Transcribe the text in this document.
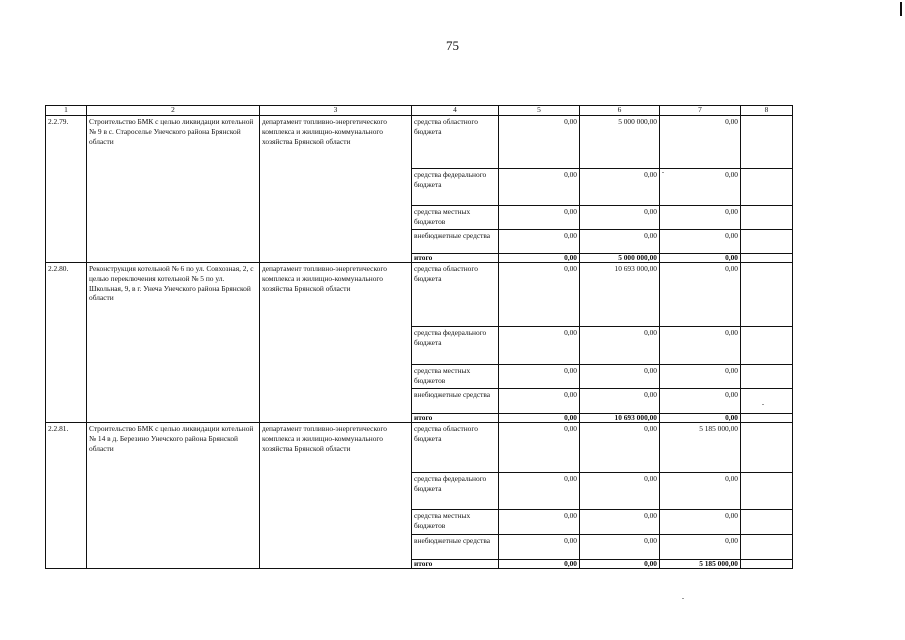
75
1	2	3	4	5	6	7	8
2.2.79.	Строительство БМК с целью ликвидации котельной № 9 в с. Староселье Унечского района Брянской области	департамент топливно-энергетического комплекса и жилищно-коммунального хозяйства Брянской области	средства областного бюджета	0,00	5 000 000,00	0,00	
			средства федерального бюджета	0,00	0,00	0,00	
			средства местных бюджетов	0,00	0,00	0,00	
			внебюджетные средства	0,00	0,00	0,00	
			итого	0,00	5 000 000,00	0,00	
2.2.80.	Реконструкция котельной № 6 по ул. Совхозная, 2, с целью переключения котельной № 5 по ул. Школьная, 9, в г. Унеча Унечского района Брянской области	департамент топливно-энергетического комплекса и жилищно-коммунального хозяйства Брянской области	средства областного бюджета	0,00	10 693 000,00	0,00	
			средства федерального бюджета	0,00	0,00	0,00	
			средства местных бюджетов	0,00	0,00	0,00	
			внебюджетные средства	0,00	0,00	0,00	
			итого	0,00	10 693 000,00	0,00	
2.2.81.	Строительство БМК с целью ликвидации котельной № 14 в д. Березино Унечского района Брянской области	департамент топливно-энергетического комплекса и жилищно-коммунального хозяйства Брянской области	средства областного бюджета	0,00	0,00	5 185 000,00	
			средства федерального бюджета	0,00	0,00	0,00	
			средства местных бюджетов	0,00	0,00	0,00	
			внебюджетные средства	0,00	0,00	0,00	
			итого	0,00	0,00	5 185 000,00	
